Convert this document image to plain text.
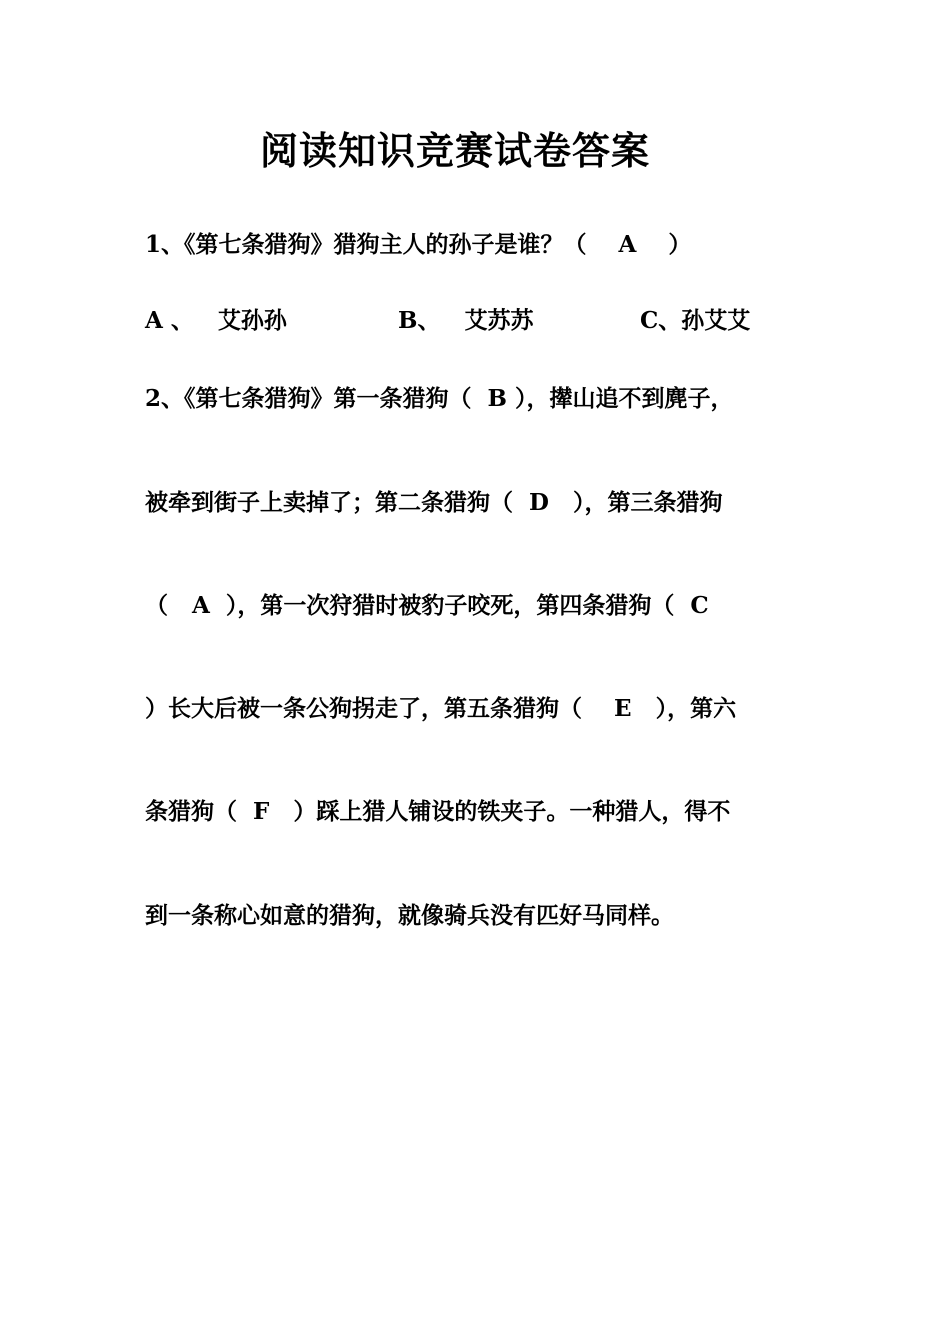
阅读知识竞赛试卷答案
1、《第七条猎狗》猎狗主人的孙子是谁？（    A    ）
A 、   艾孙孙	B、   艾苏苏	C、孙艾艾
2、《第七条猎狗》第一条猎狗（  B ），撵山追不到麂子，
被牵到街子上卖掉了；第二条猎狗（  D   ），第三条猎狗
（   A  ），第一次狩猎时被豹子咬死，第四条猎狗（  C
）长大后被一条公狗拐走了，第五条猎狗（    E   ），第六
条猎狗（  F   ）踩上猎人铺设的铁夹子。一种猎人，得不
到一条称心如意的猎狗，就像骑兵没有匹好马同样。
